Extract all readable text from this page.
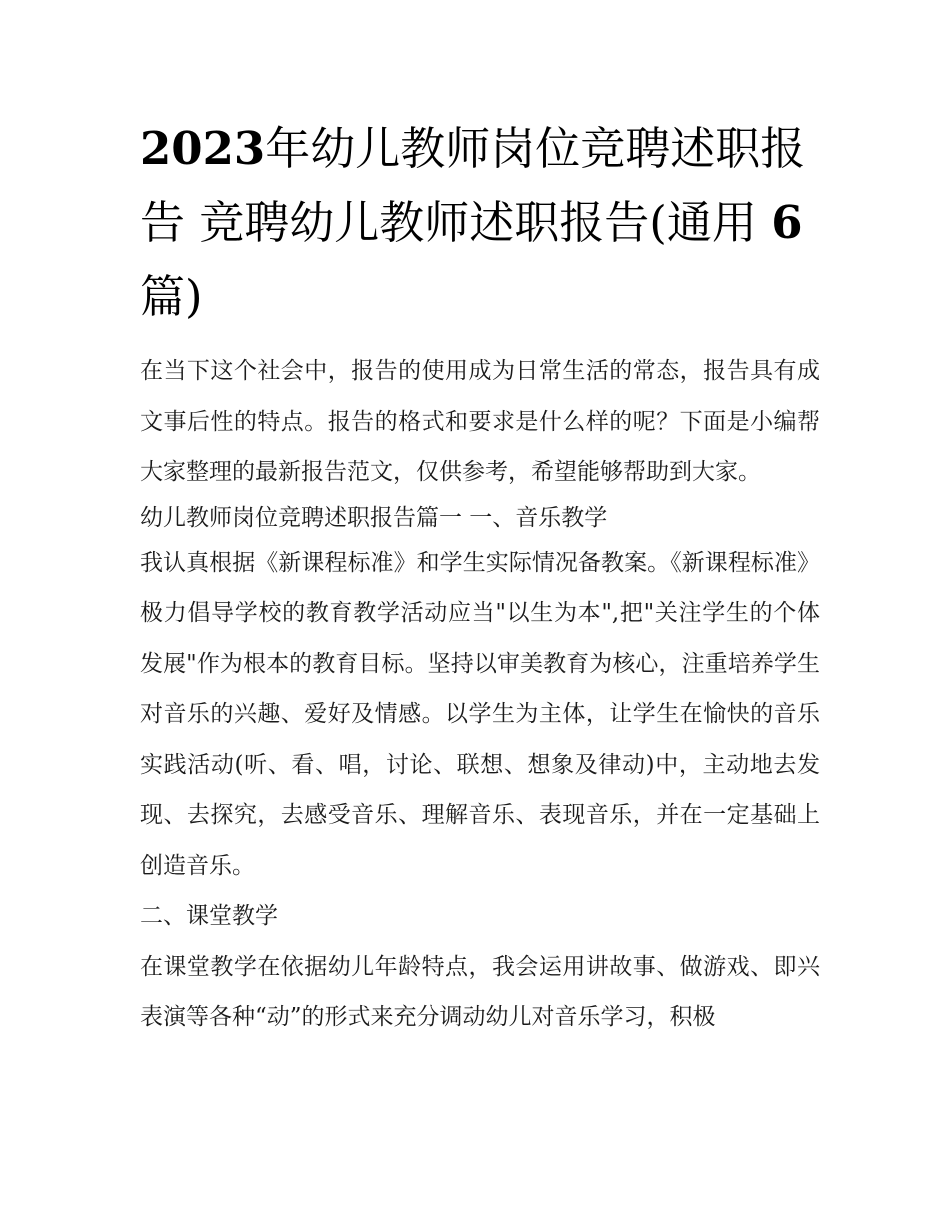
2023年幼儿教师岗位竞聘述职报告 竞聘幼儿教师述职报告(通用 6 篇)

在当下这个社会中，报告的使用成为日常生活的常态，报告具有成文事后性的特点。报告的格式和要求是什么样的呢？下面是小编帮大家整理的最新报告范文，仅供参考，希望能够帮助到大家。

幼儿教师岗位竞聘述职报告篇一 一、音乐教学

我认真根据《新课程标准》和学生实际情况备教案。《新课程标准》极力倡导学校的教育教学活动应当"以生为本",把"关注学生的个体发展"作为根本的教育目标。坚持以审美教育为核心，注重培养学生对音乐的兴趣、爱好及情感。以学生为主体，让学生在愉快的音乐实践活动(听、看、唱，讨论、联想、想象及律动)中，主动地去发现、去探究，去感受音乐、理解音乐、表现音乐，并在一定基础上创造音乐。

二、课堂教学

在课堂教学在依据幼儿年龄特点，我会运用讲故事、做游戏、即兴表演等各种“动”的形式来充分调动幼儿对音乐学习，积极
